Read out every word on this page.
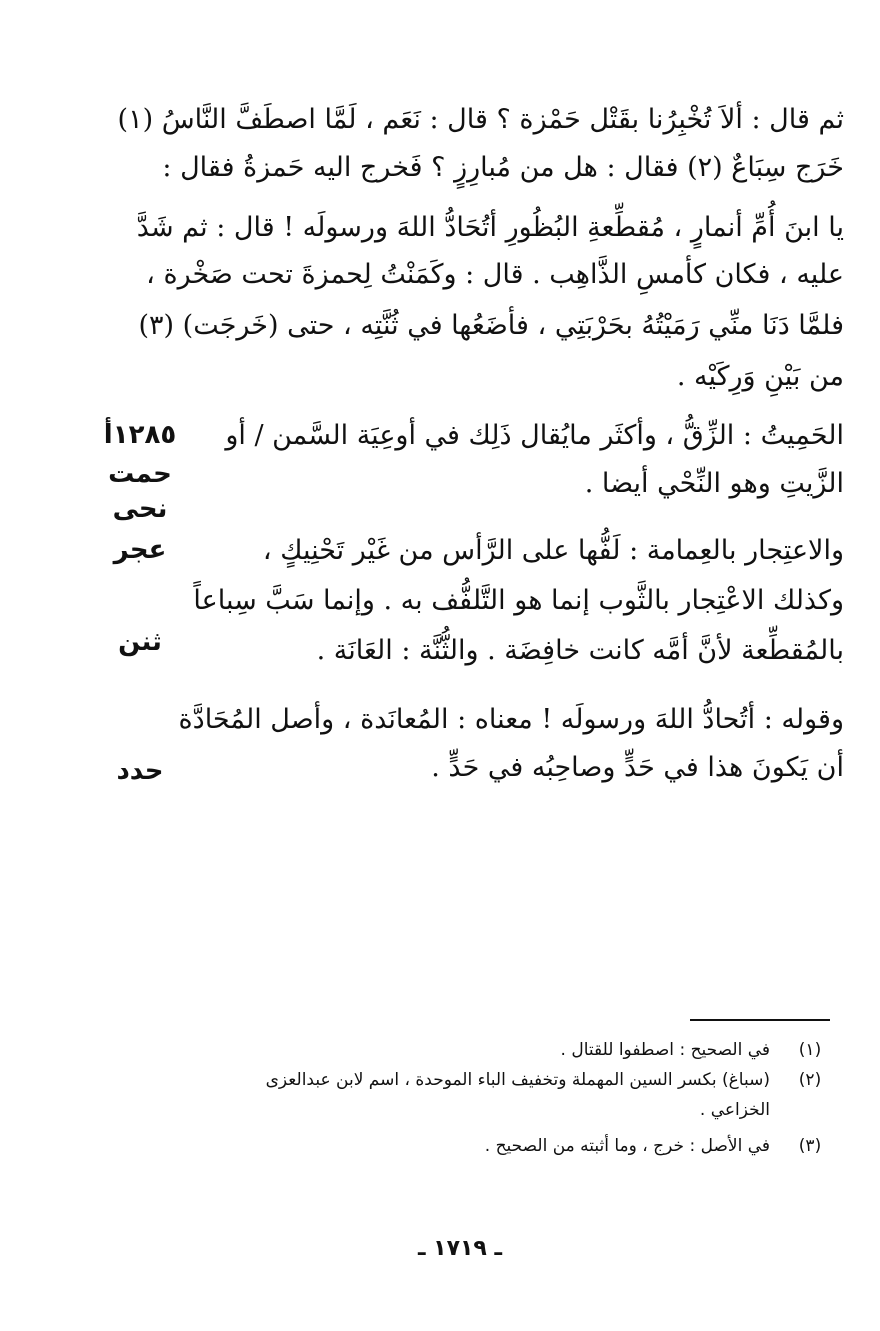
ثم قال : ألاَ تُخْبِرُنا بقَتْل حَمْزة ؟ قال : نَعَم ، لَمَّا اصطَفَّ النَّاسُ (١)
خَرَج سِبَاعٌ (٢) فقال : هل من مُبارِزٍ ؟ فَخرج اليه حَمزةُ فقال :
يا ابنَ أُمِّ أنمارٍ ، مُقطِّعةِ البُظُورِ أتُحَادُّ اللهَ ورسولَه ! قال : ثم شَدَّ
عليه ، فكان كأمسِ الذَّاهِب . قال : وكَمَنْتُ لِحمزةَ تحت صَخْرة ،
فلمَّا دَنَا منِّي رَمَيْتُهُ بحَرْبَتِي ، فأضَعُها في ثُنَّتِه ، حتى (خَرجَت) (٣)
من بَيْنِ وَرِكَيْه .
الحَمِيتُ : الزِّقُّ ، وأكثَر مايُقال ذَلِك في أوعِيَة السَّمن / أو
الزَّيتِ وهو النِّحْي أيضا .
والاعتِجار بالعِمامة : لَفُّها على الرَّأس من غَيْر تَحْنِيكٍ ،
وكذلك الاعْتِجار بالثَّوب إنما هو التَّلفُّف به . وإنما سَبَّ سِباعاً
بالمُقطِّعة لأنَّ أمَّه كانت خافِضَة . والثُّنَّة : العَانَة .
وقوله : أتُحادُّ اللهَ ورسولَه ! معناه : المُعانَدة ، وأصل المُحَادَّة
أن يَكونَ هذا في حَدٍّ وصاحِبُه في حَدٍّ .
١٢٨٥أ
حمت
نحى
عجر
ثنن
حدد
(١)
في الصحيح : اصطفوا للقتال .
(٢)
(سباغ) بكسر السين المهملة وتخفيف الباء الموحدة ، اسم لابن عبدالعزى
الخزاعي .
(٣)
في الأصل : خرج ، وما أثبته من الصحيح .
ـ ١٧١٩ ـ
